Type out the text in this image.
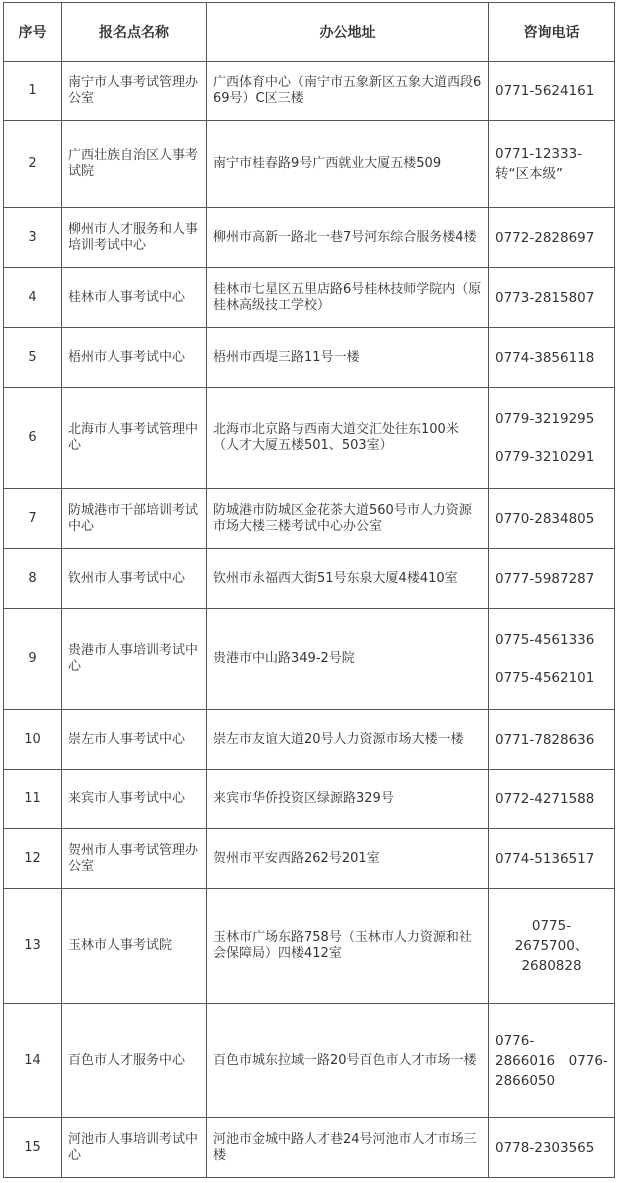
序号	报名点名称	办公地址	咨询电话
1	南宁市人事考试管理办公室	广西体育中心（南宁市五象新区五象大道西段669号）C区三楼	0771-5624161

2	广西壮族自治区人事考试院	南宁市桂春路9号广西就业大厦五楼509	0771-12333-转“区本级”

3	柳州市人才服务和人事培训考试中心	柳州市高新一路北一巷7号河东综合服务楼4楼	0772-2828697

4	桂林市人事考试中心	桂林市七星区五里店路6号桂林技师学院内（原桂林高级技工学校）	0773-2815807

5	梧州市人事考试中心	梧州市西堤三路11号一楼	0774-3856118

6	北海市人事考试管理中心	北海市北京路与西南大道交汇处往东100米（人才大厦五楼501、503室）	0779-3219295
0779-3210291

7	防城港市干部培训考试中心	防城港市防城区金花茶大道560号市人力资源市场大楼三楼考试中心办公室	0770-2834805

8	钦州市人事考试中心	钦州市永福西大街51号东泉大厦4楼410室	0777-5987287

9	贵港市人事培训考试中心	贵港市中山路349-2号院	0775-4561336
0775-4562101

10	崇左市人事考试中心	崇左市友谊大道20号人力资源市场大楼一楼	0771-7828636

11	来宾市人事考试中心	来宾市华侨投资区绿源路329号	0772-4271588

12	贺州市人事考试管理办公室	贺州市平安西路262号201室	0774-5136517

13	玉林市人事考试院	玉林市广场东路758号（玉林市人力资源和社会保障局）四楼412室	0775-
2675700、
2680828

14	百色市人才服务中心	百色市城东拉域一路20号百色市人才市场一楼	0776-
2866016　0776-
2866050

15	河池市人事培训考试中心	河池市金城中路人才巷24号河池市人才市场三楼	0778-2303565
